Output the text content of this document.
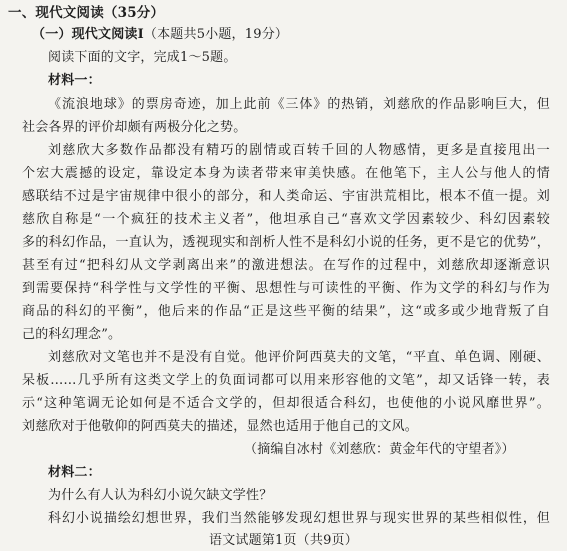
一、现代文阅读（35分）
（一）现代文阅读Ⅰ（本题共5小题，19分）
阅读下面的文字，完成1～5题。
材料一：
《流浪地球》的票房奇迹，加上此前《三体》的热销，刘慈欣的作品影响巨大，但
社会各界的评价却颇有两极分化之势。
刘慈欣大多数作品都没有精巧的剧情或百转千回的人物感情，更多是直接甩出一
个宏大震撼的设定，靠设定本身为读者带来审美快感。在他笔下，主人公与他人的情
感联结不过是宇宙规律中很小的部分，和人类命运、宇宙洪荒相比，根本不值一提。刘
慈欣自称是“一个疯狂的技术主义者”，他坦承自己“喜欢文学因素较少、科幻因素较
多的科幻作品，一直认为，透视现实和剖析人性不是科幻小说的任务，更不是它的优势”，
甚至有过“把科幻从文学剥离出来”的激进想法。在写作的过程中，刘慈欣却逐渐意识
到需要保持“科学性与文学性的平衡、思想性与可读性的平衡、作为文学的科幻与作为
商品的科幻的平衡”，他后来的作品“正是这些平衡的结果”，这“或多或少地背叛了自
己的科幻理念”。
刘慈欣对文笔也并不是没有自觉。他评价阿西莫夫的文笔，“平直、单色调、刚硬、
呆板……几乎所有这类文学上的负面词都可以用来形容他的文笔”，却又话锋一转，表
示“这种笔调无论如何是不适合文学的，但却很适合科幻，也使他的小说风靡世界”。
刘慈欣对于他敬仰的阿西莫夫的描述，显然也适用于他自己的文风。
（摘编自冰村《刘慈欣：黄金年代的守望者》）
材料二：
为什么有人认为科幻小说欠缺文学性？
科幻小说描绘幻想世界，我们当然能够发现幻想世界与现实世界的某些相似性，但
语文试题第1页（共9页）
